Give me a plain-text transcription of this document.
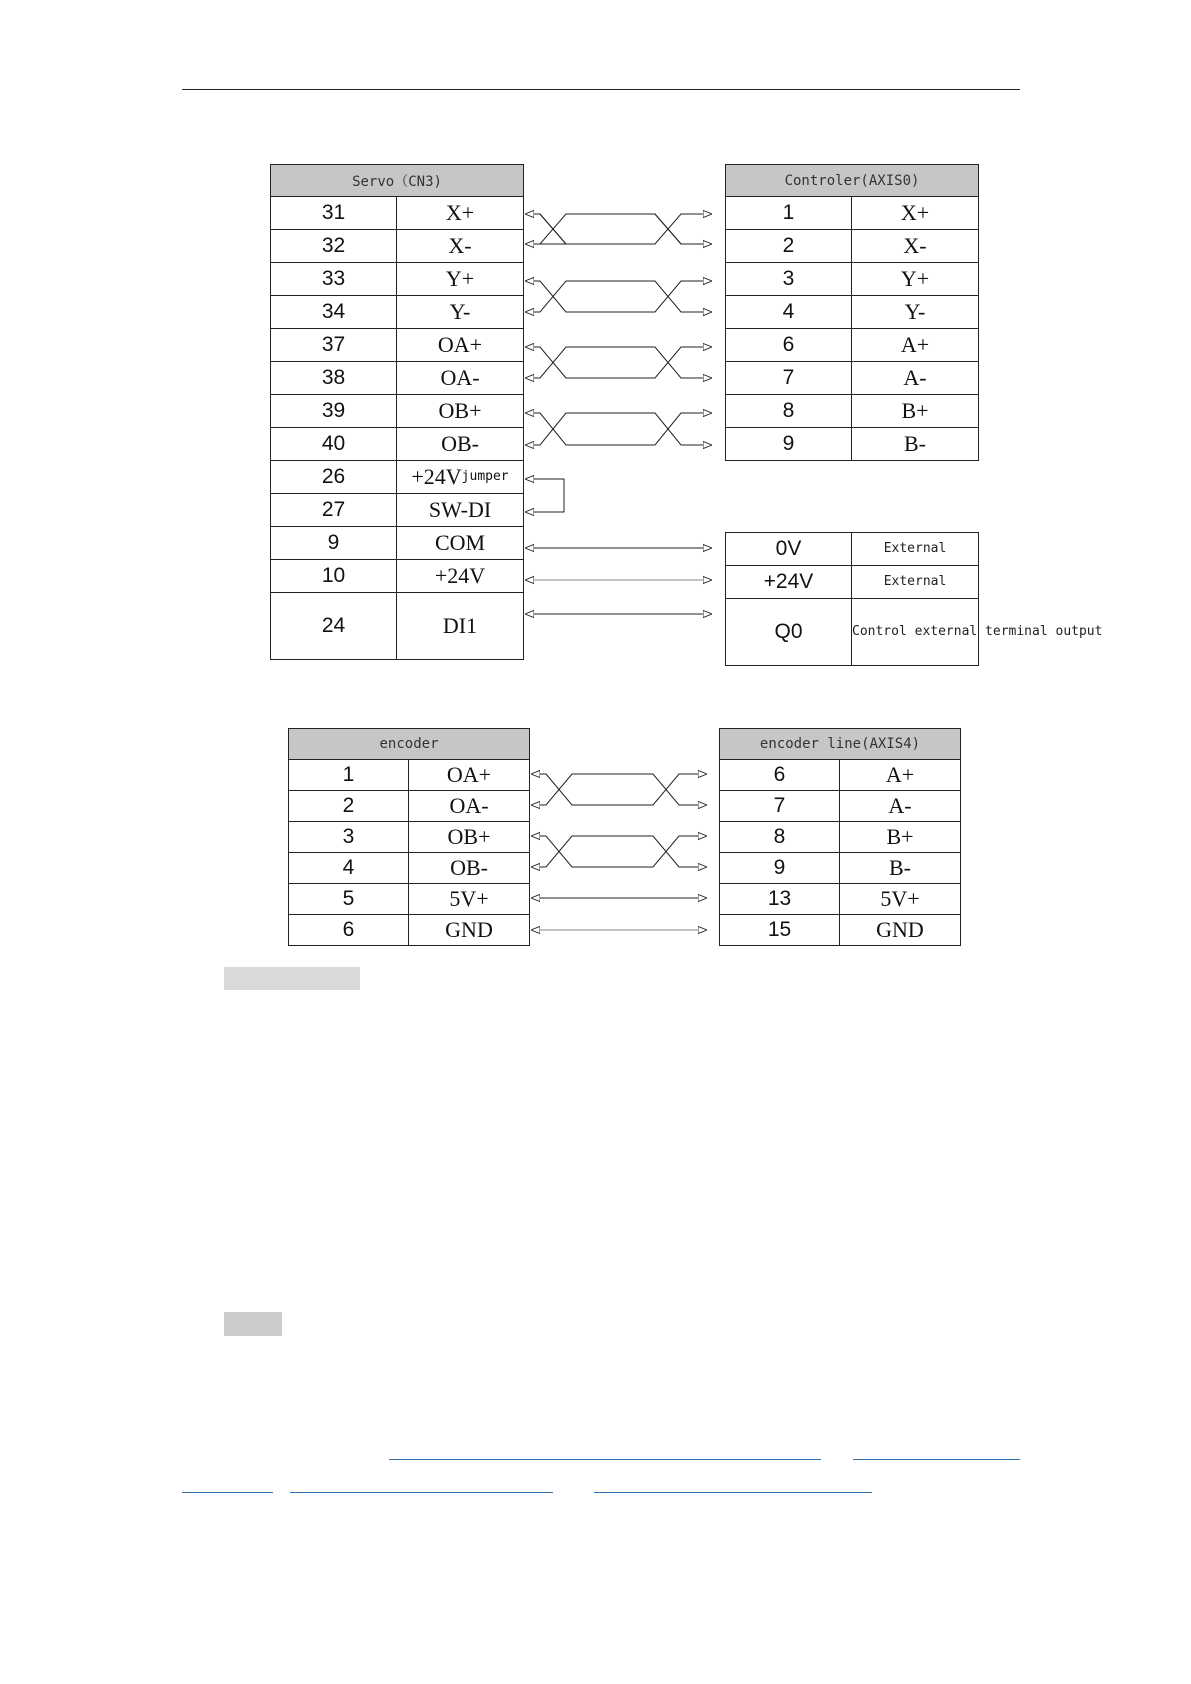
Servo（CN3)	
31	X+
32	X-
33	Y+
34	Y-
37	OA+
38	OA-
39	OB+
40	OB-
26	$+24V^{jumper}$
27	SW-DI
9	COM
10	+24V
24	DI1
Controler(AXIS0)	
1	X+
2	X-
3	Y+
4	Y-
6	A+
7	A-
8	B+
9	B-
0V	External
+24V	External
Q0	Control external terminal output
encoder	
1	OA+
2	OA-
3	OB+
4	OB-
5	5V+
6	GND
encoder line(AXIS4)	
6	A+
7	A-
8	B+
9	B-
13	5V+
15	GND
